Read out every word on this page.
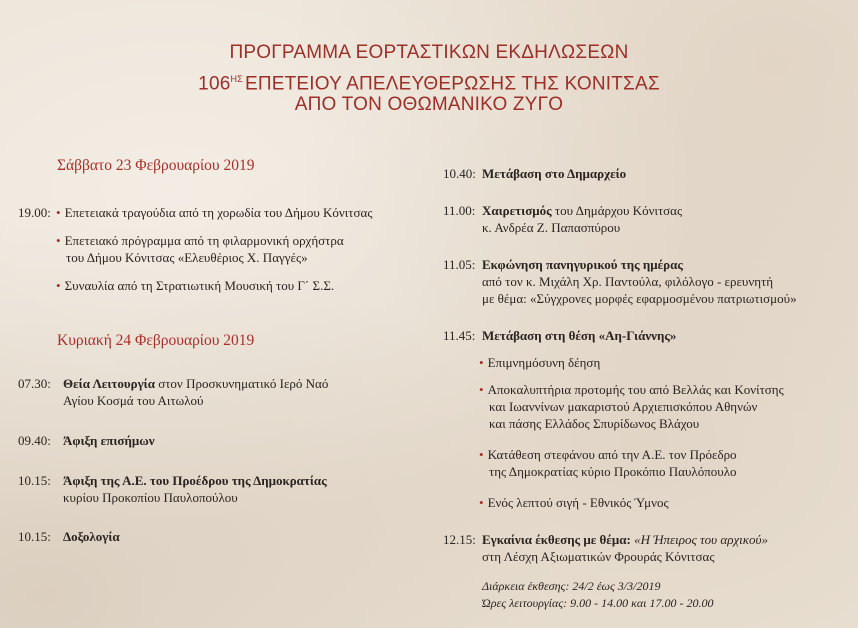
ΠΡΟΓΡΑΜΜΑ ΕΟΡΤΑΣΤΙΚΩΝ ΕΚΔΗΛΩΣΕΩΝ
$106^{H\Sigma}$ ΕΠΕΤΕΙΟΥ ΑΠΕΛΕΥΘΕΡΩΣΗΣ ΤΗΣ ΚΟΝΙΤΣΑΣ
ΑΠΟ ΤΟΝ ΟΘΩΜΑΝΙΚΟ ΖΥΓΟ
Σάββατο 23 Φεβρουαρίου 2019
19.00: • Επετειακά τραγούδια από τη χορωδία του Δήμου Κόνιτσας
• Επετειακό πρόγραμμα από τη φιλαρμονική ορχήστρα
του Δήμου Κόνιτσας «Ελευθέριος Χ. Παγγές»
• Συναυλία από τη Στρατιωτική Μουσική του Γ΄ Σ.Σ.
Κυριακή 24 Φεβρουαρίου 2019
07.30: Θεία Λειτουργία στον Προσκυνηματικό Ιερό Ναό
Αγίου Κοσμά του Αιτωλού
09.40: Άφιξη επισήμων
10.15: Άφιξη της Α.Ε. του Προέδρου της Δημοκρατίας
κυρίου Προκοπίου Παυλοπούλου
10.15: Δοξολογία
10.40: Μετάβαση στο Δημαρχείο
11.00: Χαιρετισμός του Δημάρχου Κόνιτσας
κ. Ανδρέα Ζ. Παπασπύρου
11.05: Εκφώνηση πανηγυρικού της ημέρας
από τον κ. Μιχάλη Χρ. Παντούλα, φιλόλογο - ερευνητή
με θέμα: «Σύγχρονες μορφές εφαρμοσμένου πατριωτισμού»
11.45: Μετάβαση στη θέση «Αη-Γιάννης»
• Επιμνημόσυνη δέηση
• Αποκαλυπτήρια προτομής του από Βελλάς και Κονίτσης
και Ιωαννίνων μακαριστού Αρχιεπισκόπου Αθηνών
και πάσης Ελλάδος Σπυρίδωνος Βλάχου
• Κατάθεση στεφάνου από την Α.Ε. τον Πρόεδρο
της Δημοκρατίας κύριο Προκόπιο Παυλόπουλο
• Ενός λεπτού σιγή - Εθνικός Ύμνος
12.15: Εγκαίνια έκθεσης με θέμα: «Η Ήπειρος του αρχικού»
στη Λέσχη Αξιωματικών Φρουράς Κόνιτσας
Διάρκεια έκθεσης: 24/2 έως 3/3/2019
Ώρες λειτουργίας: 9.00 - 14.00 και 17.00 - 20.00
